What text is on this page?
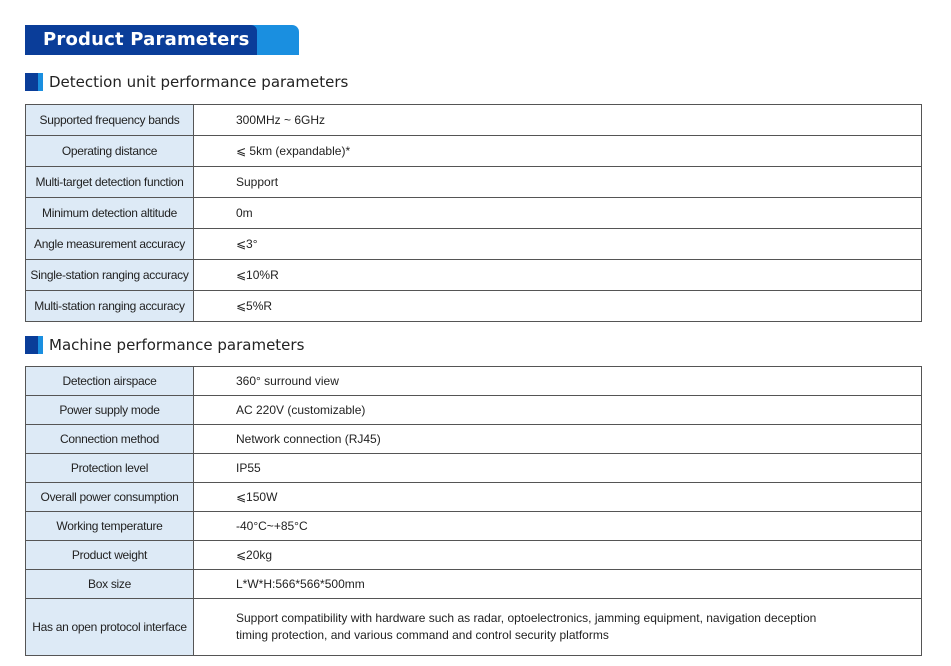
Product Parameters
Detection unit performance parameters
Supported frequency bands	300MHz ~ 6GHz
Operating distance	⩽ 5km (expandable)*
Multi-target detection function	Support
Minimum detection altitude	0m
Angle measurement accuracy	⩽3°
Single-station ranging accuracy	⩽10%R
Multi-station ranging accuracy	⩽5%R
Machine performance parameters
Detection airspace	360° surround view
Power supply mode	AC 220V (customizable)
Connection method	Network connection (RJ45)
Protection level	IP55
Overall power consumption	⩽150W
Working temperature	-40°C~+85°C
Product weight	⩽20kg
Box size	L*W*H:566*566*500mm
Has an open protocol interface	Support compatibility with hardware such as radar, optoelectronics, jamming equipment, navigation deception
timing protection, and various command and control security platforms
